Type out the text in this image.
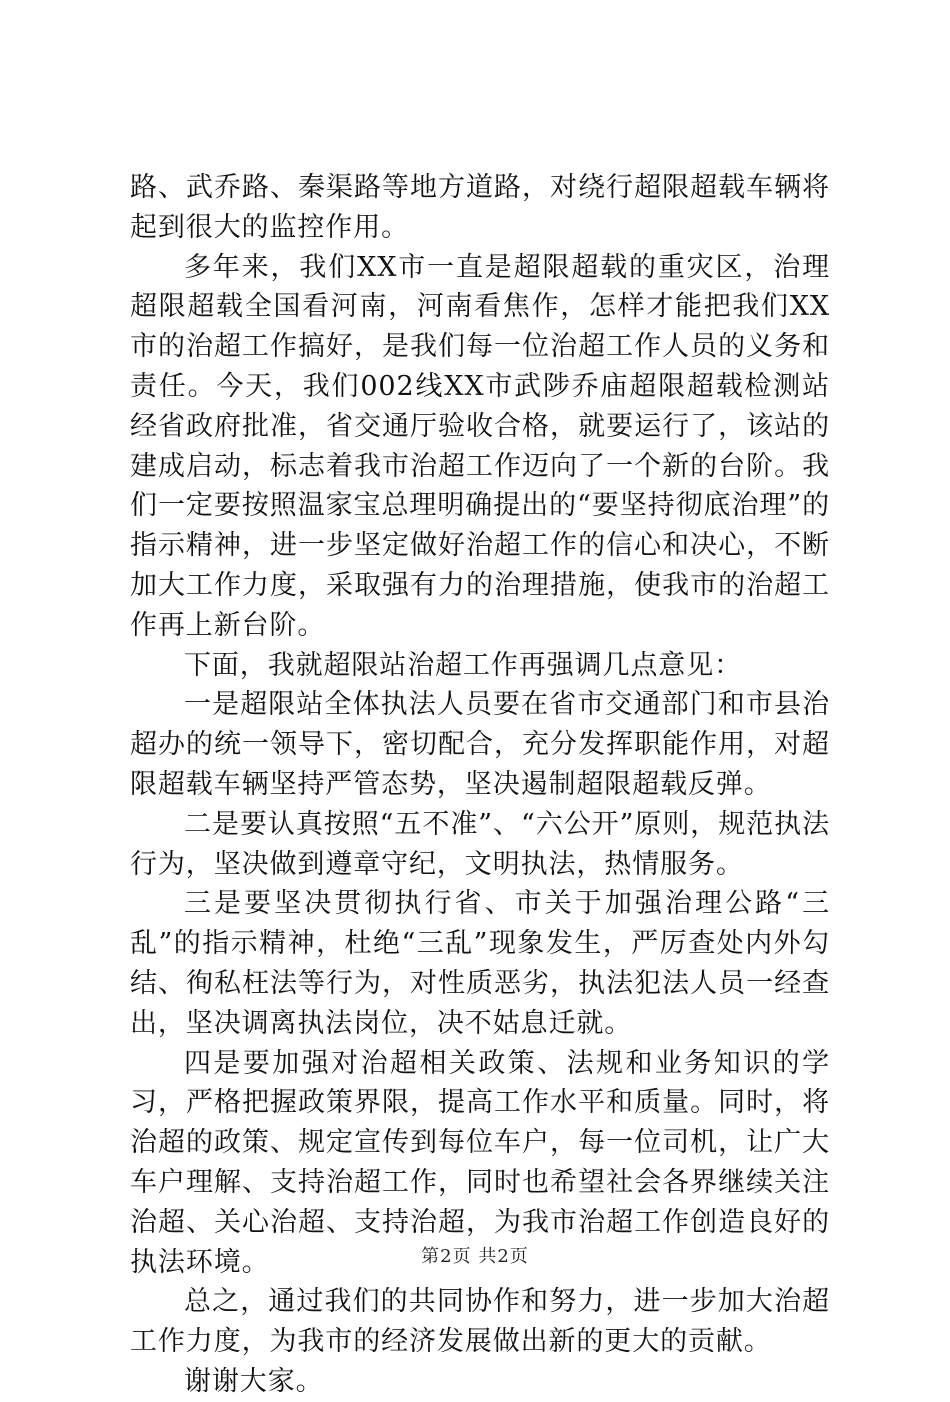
路、武乔路、秦渠路等地方道路，对绕行超限超载车辆将起到很大的监控作用。

多年来，我们XX市一直是超限超载的重灾区，治理超限超载全国看河南，河南看焦作，怎样才能把我们XX市的治超工作搞好，是我们每一位治超工作人员的义务和责任。今天，我们002线XX市武陟乔庙超限超载检测站经省政府批准，省交通厅验收合格，就要运行了，该站的建成启动，标志着我市治超工作迈向了一个新的台阶。我们一定要按照温家宝总理明确提出的“要坚持彻底治理”的指示精神，进一步坚定做好治超工作的信心和决心，不断加大工作力度，采取强有力的治理措施，使我市的治超工作再上新台阶。

下面，我就超限站治超工作再强调几点意见：

一是超限站全体执法人员要在省市交通部门和市县治超办的统一领导下，密切配合，充分发挥职能作用，对超限超载车辆坚持严管态势，坚决遏制超限超载反弹。

二是要认真按照“五不准”、“六公开”原则，规范执法行为，坚决做到遵章守纪，文明执法，热情服务。

三是要坚决贯彻执行省、市关于加强治理公路“三乱”的指示精神，杜绝“三乱”现象发生，严厉查处内外勾结、徇私枉法等行为，对性质恶劣，执法犯法人员一经查出，坚决调离执法岗位，决不姑息迁就。

四是要加强对治超相关政策、法规和业务知识的学习，严格把握政策界限，提高工作水平和质量。同时，将治超的政策、规定宣传到每位车户，每一位司机，让广大车户理解、支持治超工作，同时也希望社会各界继续关注治超、关心治超、支持治超，为我市治超工作创造良好的执法环境。

总之，通过我们的共同协作和努力，进一步加大治超工作力度，为我市的经济发展做出新的更大的贡献。

谢谢大家。

第2页 共2页
